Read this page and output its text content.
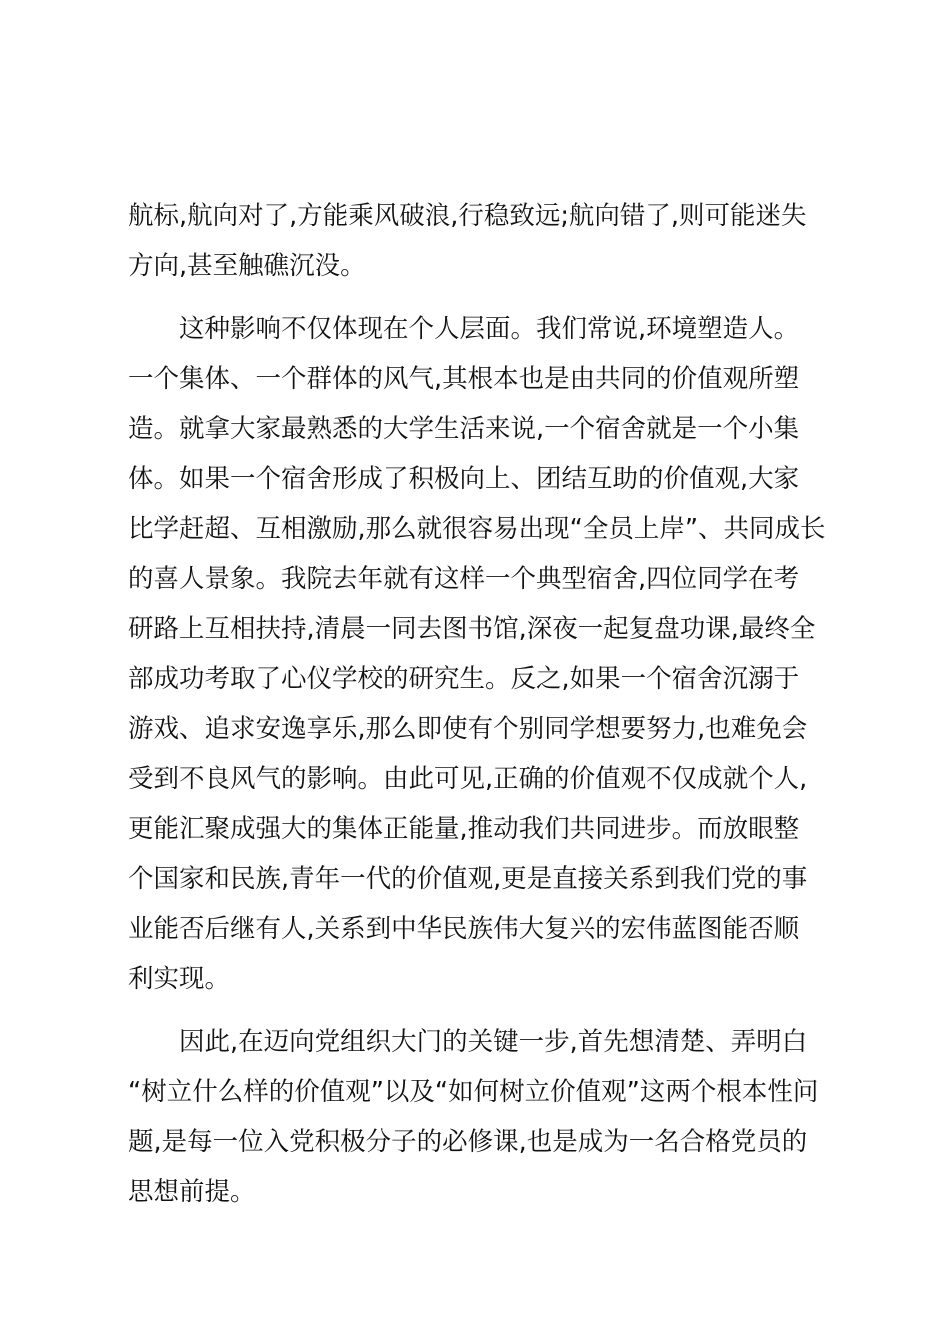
航标,航向对了,方能乘风破浪,行稳致远;航向错了,则可能迷失
方向,甚至触礁沉没。
这种影响不仅体现在个人层面。我们常说,环境塑造人。
一个集体、一个群体的风气,其根本也是由共同的价值观所塑
造。就拿大家最熟悉的大学生活来说,一个宿舍就是一个小集
体。如果一个宿舍形成了积极向上、团结互助的价值观,大家
比学赶超、互相激励,那么就很容易出现“全员上岸”、共同成长
的喜人景象。我院去年就有这样一个典型宿舍,四位同学在考
研路上互相扶持,清晨一同去图书馆,深夜一起复盘功课,最终全
部成功考取了心仪学校的研究生。反之,如果一个宿舍沉溺于
游戏、追求安逸享乐,那么即使有个别同学想要努力,也难免会
受到不良风气的影响。由此可见,正确的价值观不仅成就个人,
更能汇聚成强大的集体正能量,推动我们共同进步。而放眼整
个国家和民族,青年一代的价值观,更是直接关系到我们党的事
业能否后继有人,关系到中华民族伟大复兴的宏伟蓝图能否顺
利实现。
因此,在迈向党组织大门的关键一步,首先想清楚、弄明白
“树立什么样的价值观”以及“如何树立价值观”这两个根本性问
题,是每一位入党积极分子的必修课,也是成为一名合格党员的
思想前提。
